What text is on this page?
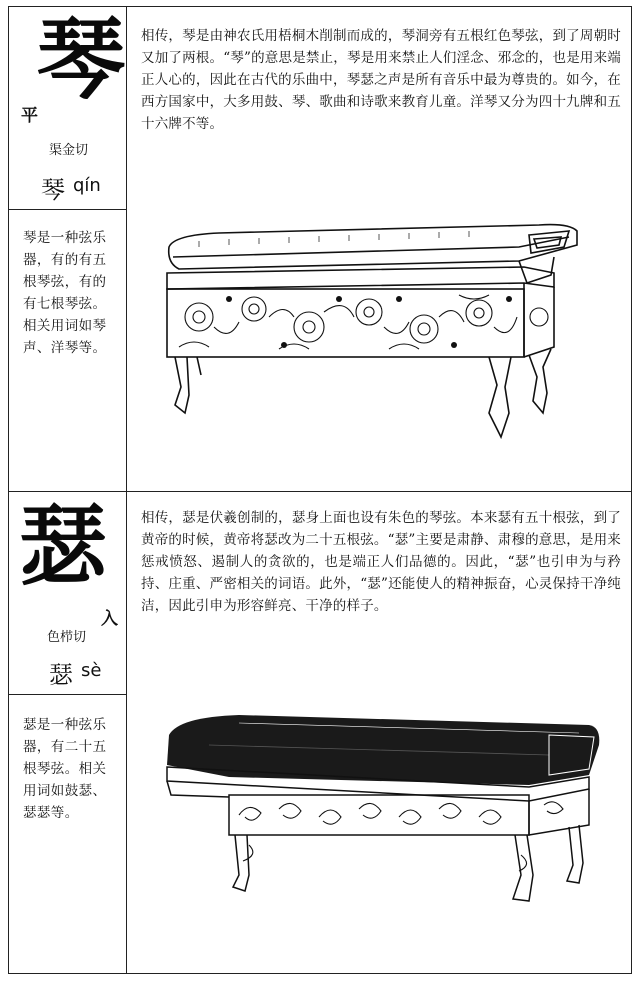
琴
平
渠金切
琴 qín
琴是一种弦乐器，有的有五根琴弦，有的有七根琴弦。相关用词如琴声、洋琴等。
相传，琴是由神农氏用梧桐木削制而成的，琴洞旁有五根红色琴弦，到了周朝时又加了两根。“琴”的意思是禁止，琴是用来禁止人们淫念、邪念的，也是用来端正人心的，因此在古代的乐曲中，琴瑟之声是所有音乐中最为尊贵的。如今，在西方国家中，大多用鼓、琴、歌曲和诗歌来教育儿童。洋琴又分为四十九牌和五十六牌不等。
瑟
入
色栉切
瑟 sè
瑟是一种弦乐器，有二十五根琴弦。相关用词如鼓瑟、瑟瑟等。
相传，瑟是伏羲创制的，瑟身上面也设有朱色的琴弦。本来瑟有五十根弦，到了黄帝的时候，黄帝将瑟改为二十五根弦。“瑟”主要是肃静、肃穆的意思，是用来惩戒愤怒、遏制人的贪欲的，也是端正人们品德的。因此，“瑟”也引申为与矜持、庄重、严密相关的词语。此外，“瑟”还能使人的精神振奋，心灵保持干净纯洁，因此引申为形容鲜亮、干净的样子。
